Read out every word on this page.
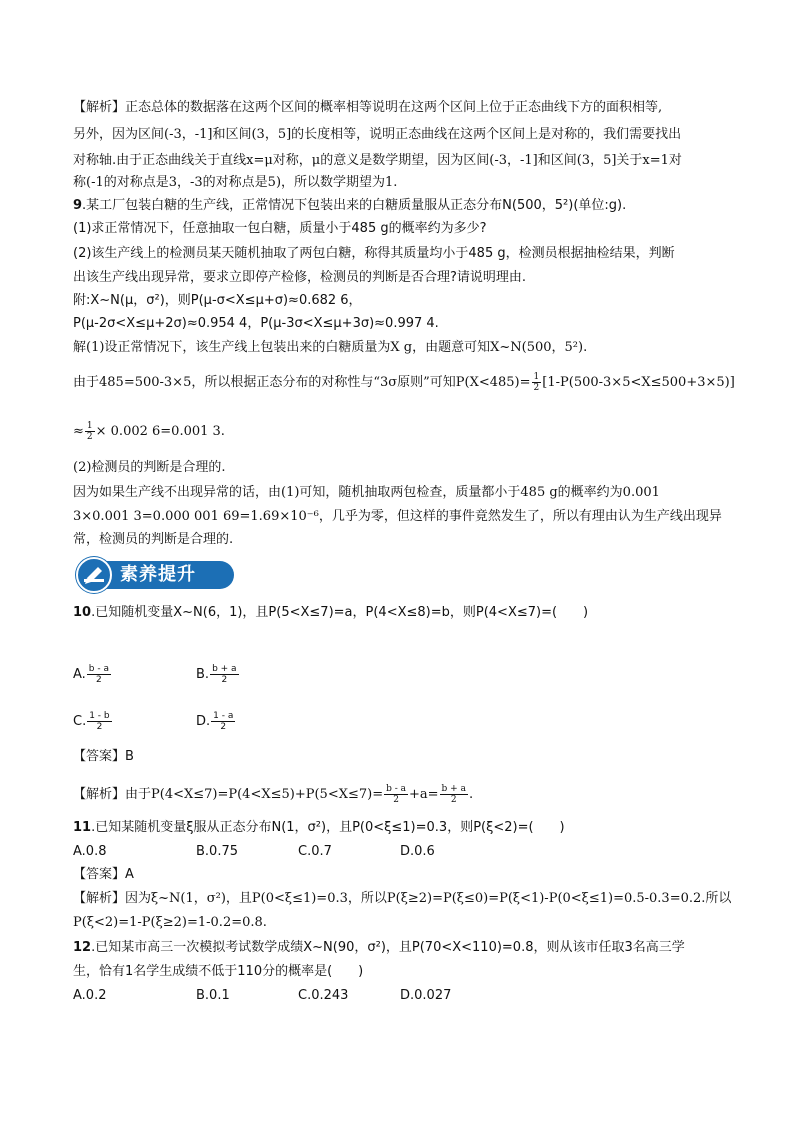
【解析】正态总体的数据落在这两个区间的概率相等说明在这两个区间上位于正态曲线下方的面积相等,
另外，因为区间(-3，-1]和区间(3，5]的长度相等，说明正态曲线在这两个区间上是对称的，我们需要找出
对称轴.由于正态曲线关于直线x=μ对称，μ的意义是数学期望，因为区间(-3，-1]和区间(3，5]关于x=1对
称(-1的对称点是3，-3的对称点是5)，所以数学期望为1.
9.某工厂包装白糖的生产线，正常情况下包装出来的白糖质量服从正态分布N(500，5²)(单位:g).
(1)求正常情况下，任意抽取一包白糖，质量小于485 g的概率约为多少?
(2)该生产线上的检测员某天随机抽取了两包白糖，称得其质量均小于485 g，检测员根据抽检结果，判断
出该生产线出现异常，要求立即停产检修，检测员的判断是否合理?请说明理由.
附:X~N(μ，σ²)，则P(μ-σ<X≤μ+σ)≈0.682 6，
P(μ-2σ<X≤μ+2σ)≈0.954 4，P(μ-3σ<X≤μ+3σ)≈0.997 4.
解(1)设正常情况下，该生产线上包装出来的白糖质量为X g，由题意可知X~N(500，5²).
由于485=500-3×5，所以根据正态分布的对称性与“3σ原则”可知$P(X<485)= \frac{1}{2} [1-P(500-3\times 5<X\le 500+3\times 5)]$
≈ $\frac{1}{2} \times 0.002$ 6=0.001 3.
(2)检测员的判断是合理的.
因为如果生产线不出现异常的话，由(1)可知，随机抽取两包检查，质量都小于485 g的概率约为0.001
3×0.001 3=0.000 001 69=1.69×10⁻⁶，几乎为零，但这样的事件竟然发生了，所以有理由认为生产线出现异
常，检测员的判断是合理的.
素养提升
10.已知随机变量X~N(6，1)，且P(5<X≤7)=a，P(4<X≤8)=b，则P(4<X≤7)=(　　)
A. $\frac{b - a}{2}$	B. $\frac{b + a}{2}$
C. $\frac{1 - b}{2}$	D. $\frac{1 - a}{2}$
【答案】B
【解析】由于$P(4<X\le 7)=P(4<X\le 5)+P(5<X\le 7)= \frac{b - a}{2} +a= \frac{b + a}{2}$ .
11.已知某随机变量ξ服从正态分布N(1，σ²)，且P(0<ξ≤1)=0.3，则P(ξ<2)=(　　)
A.0.8	B.0.75	C.0.7	D.0.6
【答案】A
【解析】因为ξ~N(1，σ²)，且P(0<ξ≤1)=0.3，所以P(ξ≥2)=P(ξ≤0)=P(ξ<1)-P(0<ξ≤1)=0.5-0.3=0.2.所以
P(ξ<2)=1-P(ξ≥2)=1-0.2=0.8.
12.已知某市高三一次模拟考试数学成绩X~N(90，σ²)，且P(70<X<110)=0.8，则从该市任取3名高三学
生，恰有1名学生成绩不低于110分的概率是(　　)
A.0.2	B.0.1	C.0.243	D.0.027
